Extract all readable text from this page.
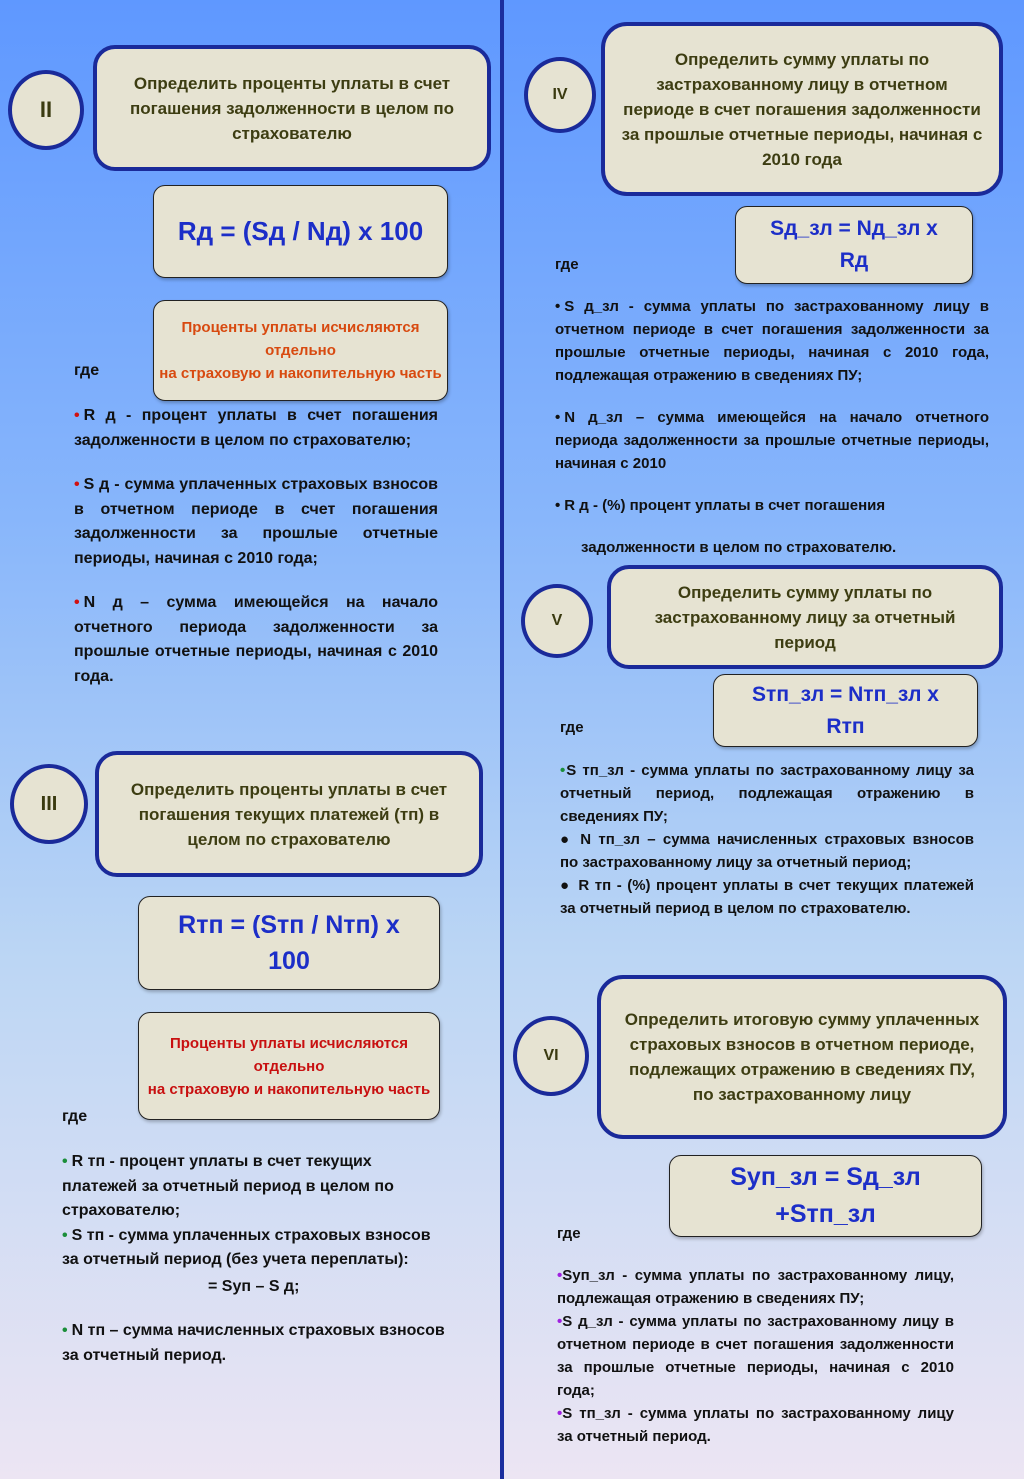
II
Определить проценты уплаты в счет погашения задолженности в целом по страхователю
Rд = (Sд / Nд) х 100
Проценты уплаты исчисляются отдельно
на страховую и накопительную часть
где

• R д - процент уплаты в счет погашения задолженности в целом по страхователю;

• S д - сумма уплаченных страховых взносов в отчетном периоде в счет погашения задолженности за прошлые отчетные периоды, начиная с 2010 года;

• N д – сумма имеющейся на начало отчетного периода задолженности за прошлые отчетные периоды, начиная с 2010 года.

III
Определить проценты уплаты в счет погашения текущих платежей (тп) в целом по страхователю
Rтп = (Sтп / Nтп) х 100
Проценты уплаты исчисляются отдельно
на страховую и накопительную часть
где

• R тп - процент уплаты в счет текущих платежей за отчетный период в целом по страхователю;

• S тп - сумма уплаченных страховых взносов за отчетный период (без учета переплаты):

= Sуп – S д;

• N тп – сумма начисленных страховых взносов за отчетный период.

IV
Определить сумму уплаты по застрахованному лицу в отчетном периоде в счет погашения задолженности за прошлые отчетные периоды, начиная с 2010 года
Sд_зл = Nд_зл х Rд
где

• S д_зл - сумма уплаты по застрахованному лицу в отчетном периоде в счет погашения задолженности за прошлые отчетные периоды, начиная с 2010 года, подлежащая отражению в сведениях ПУ;

• N д_зл – сумма имеющейся на начало отчетного периода задолженности за прошлые отчетные периоды, начиная с 2010

• R д - (%) процент уплаты в счет погашения

задолженности в целом по страхователю.

V
Определить сумму уплаты по застрахованному лицу за отчетный период
Sтп_зл = Nтп_зл х Rтп
где

•S тп_зл - сумма уплаты по застрахованному лицу за отчетный период, подлежащая отражению в сведениях ПУ;

● N тп_зл – сумма начисленных страховых взносов по застрахованному лицу за отчетный период;

● R тп - (%) процент уплаты в счет текущих платежей за отчетный период в целом по страхователю.

VI
Определить итоговую сумму уплаченных страховых взносов в отчетном периоде, подлежащих отражению в сведениях ПУ, по застрахованному лицу
Sуп_зл = Sд_зл +Sтп_зл
где

•Sуп_зл - сумма уплаты по застрахованному лицу, подлежащая отражению в сведениях ПУ;

•S д_зл - сумма уплаты по застрахованному лицу в отчетном периоде в счет погашения задолженности за прошлые отчетные периоды, начиная с 2010 года;

•S тп_зл - сумма уплаты по застрахованному лицу за отчетный период.
